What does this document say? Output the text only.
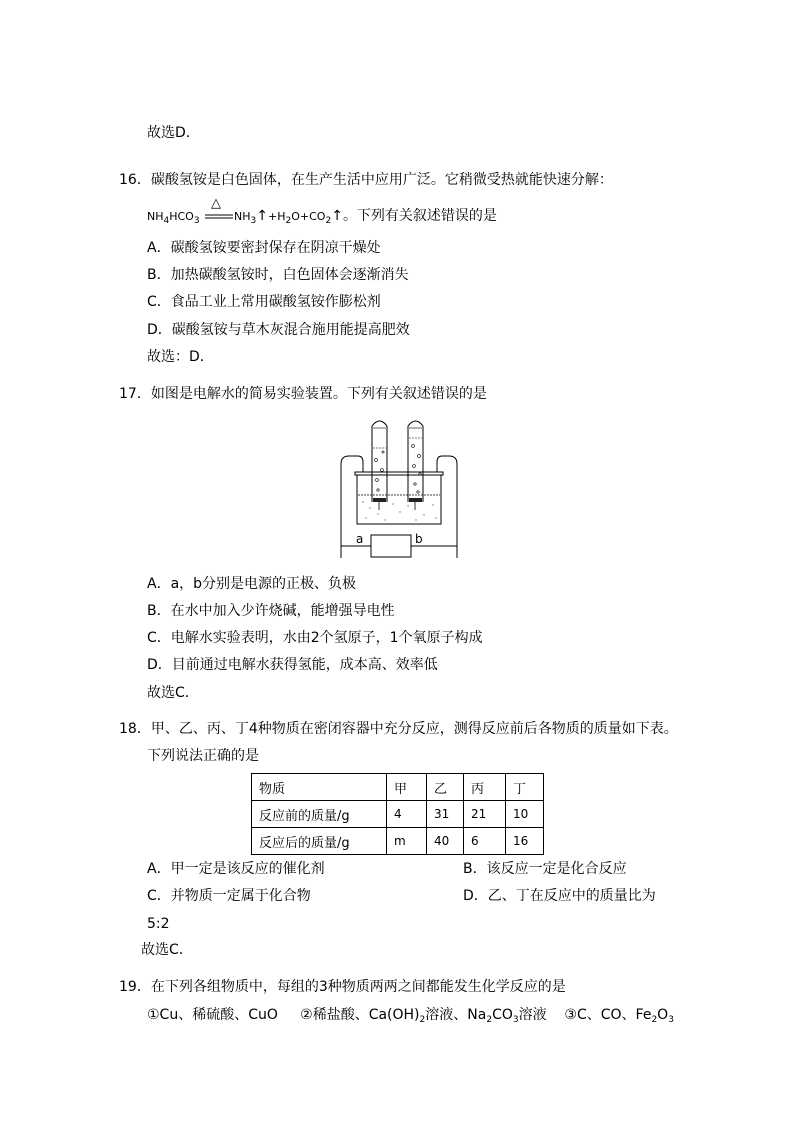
故选D．
16．碳酸氢铵是白色固体，在生产生活中应用广泛。它稍微受热就能快速分解：
$NH_4HCO_3$
△
$NH_3↑+H_2O+CO_2↑$。下列有关叙述错误的是
A．碳酸氢铵要密封保存在阴凉干燥处
B．加热碳酸氢铵时，白色固体会逐渐消失
C．食品工业上常用碳酸氢铵作膨松剂
D．碳酸氢铵与草木灰混合施用能提高肥效
故选：D．
17．如图是电解水的简易实验装置。下列有关叙述错误的是
a	b
A．a，b分别是电源的正极、负极
B．在水中加入少许烧碱，能增强导电性
C．电解水实验表明，水由2个氢原子，1个氧原子构成
D．目前通过电解水获得氢能，成本高、效率低
故选C．
18．甲、乙、丙、丁4种物质在密闭容器中充分反应，测得反应前后各物质的质量如下表。
下列说法正确的是
物质	甲	乙	丙	丁
反应前的质量/g	4	31	21	10
反应后的质量/g	m	40	6	16
A．甲一定是该反应的催化剂	B．该反应一定是化合反应
C．并物质一定属于化合物	D．乙、丁在反应中的质量比为
5:2
故选C．
19．在下列各组物质中，每组的3种物质两两之间都能发生化学反应的是
①Cu、稀硫酸、CuO ②稀盐酸、$Ca(OH)_2$溶液、$Na_2CO_3$溶液 ③C、CO、$Fe_2O_3$
